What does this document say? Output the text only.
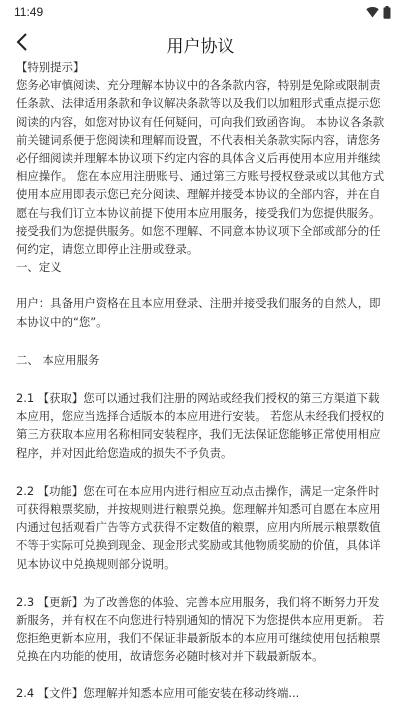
11:49
用户协议

【特别提示】

您务必审慎阅读、充分理解本协议中的各条款内容，特别是免除或限制责任条款、法律适用条款和争议解决条款等以及我们以加粗形式重点提示您阅读的内容，如您对协议有任何疑问，可向我们致函咨询。 本协议各条款前关键词系便于您阅读和理解而设置，不代表相关条款实际内容，请您务必仔细阅读并理解本协议项下约定内容的具体含义后再使用本应用并继续相应操作。 您在本应用注册账号、通过第三方账号授权登录或以其他方式使用本应用即表示您已充分阅读、理解并接受本协议的全部内容，并在自愿在与我们订立本协议前提下使用本应用服务，接受我们为您提供服务。接受我们为您提供服务。如您不理解、不同意本协议项下全部或部分的任何约定，请您立即停止注册或登录。

一、定义

用户：具备用户资格在且本应用登录、注册并接受我们服务的自然人，即本协议中的“您”。

二、 本应用服务

2.1 【获取】您可以通过我们注册的网站或经我们授权的第三方渠道下载本应用，您应当选择合适版本的本应用进行安装。 若您从未经我们授权的第三方获取本应用名称相同安装程序，我们无法保证您能够正常使用相应程序，并对因此给您造成的损失不予负责。

2.2 【功能】您在可在本应用内进行相应互动点击操作，满足一定条件时可获得粮票奖励，并按规则进行粮票兑换。您理解并知悉可自愿在本应用内通过包括观看广告等方式获得不定数值的粮票，应用内所展示粮票数值不等于实际可兑换到现金、现金形式奖励或其他物质奖励的价值，具体详见本协议中兑换规则部分说明。

2.3 【更新】为了改善您的体验、完善本应用服务，我们将不断努力开发新服务，并有权在不向您进行特别通知的情况下为您提供本应用更新。 若您拒绝更新本应用，我们不保证非最新版本的本应用可继续使用包括粮票兑换在内功能的使用，故请您务必随时核对并下载最新版本。

2.4 【文件】您理解并知悉本应用可能安装在移动终端...
